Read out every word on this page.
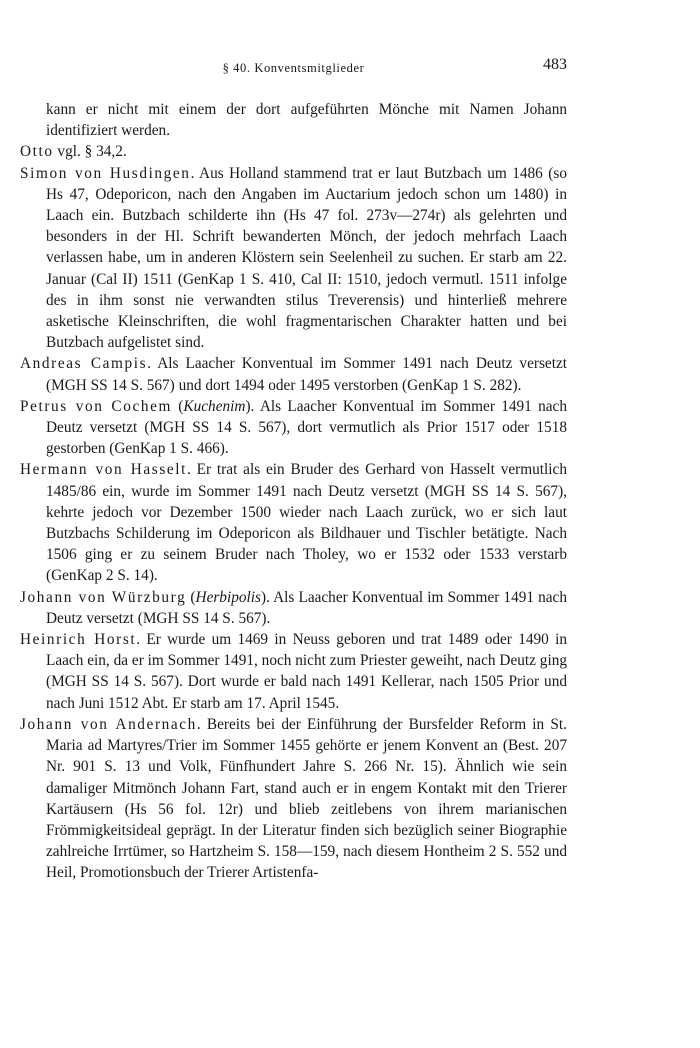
§ 40. Konventsmitglieder	483

kann er nicht mit einem der dort aufgeführten Mönche mit Namen Johann identifiziert werden.

Otto vgl. § 34,2.

Simon von Husdingen. Aus Holland stammend trat er laut Butzbach um 1486 (so Hs 47, Odeporicon, nach den Angaben im Auctarium jedoch schon um 1480) in Laach ein. Butzbach schilderte ihn (Hs 47 fol. 273v—274r) als gelehrten und besonders in der Hl. Schrift bewanderten Mönch, der jedoch mehrfach Laach verlassen habe, um in anderen Klöstern sein Seelenheil zu suchen. Er starb am 22. Januar (Cal II) 1511 (GenKap 1 S. 410, Cal II: 1510, jedoch vermutl. 1511 infolge des in ihm sonst nie verwandten stilus Treverensis) und hinterließ mehrere asketische Kleinschriften, die wohl fragmentarischen Charakter hatten und bei Butzbach aufgelistet sind.

Andreas Campis. Als Laacher Konventual im Sommer 1491 nach Deutz versetzt (MGH SS 14 S. 567) und dort 1494 oder 1495 verstorben (GenKap 1 S. 282).

Petrus von Cochem (Kuchenim). Als Laacher Konventual im Sommer 1491 nach Deutz versetzt (MGH SS 14 S. 567), dort vermutlich als Prior 1517 oder 1518 gestorben (GenKap 1 S. 466).

Hermann von Hasselt. Er trat als ein Bruder des Gerhard von Hasselt vermutlich 1485/86 ein, wurde im Sommer 1491 nach Deutz versetzt (MGH SS 14 S. 567), kehrte jedoch vor Dezember 1500 wieder nach Laach zurück, wo er sich laut Butzbachs Schilderung im Odeporicon als Bildhauer und Tischler betätigte. Nach 1506 ging er zu seinem Bruder nach Tholey, wo er 1532 oder 1533 verstarb (GenKap 2 S. 14).

Johann von Würzburg (Herbipolis). Als Laacher Konventual im Sommer 1491 nach Deutz versetzt (MGH SS 14 S. 567).

Heinrich Horst. Er wurde um 1469 in Neuss geboren und trat 1489 oder 1490 in Laach ein, da er im Sommer 1491, noch nicht zum Priester geweiht, nach Deutz ging (MGH SS 14 S. 567). Dort wurde er bald nach 1491 Kellerar, nach 1505 Prior und nach Juni 1512 Abt. Er starb am 17. April 1545.

Johann von Andernach. Bereits bei der Einführung der Bursfelder Reform in St. Maria ad Martyres/Trier im Sommer 1455 gehörte er jenem Konvent an (Best. 207 Nr. 901 S. 13 und Volk, Fünfhundert Jahre S. 266 Nr. 15). Ähnlich wie sein damaliger Mitmönch Johann Fart, stand auch er in engem Kontakt mit den Trierer Kartäusern (Hs 56 fol. 12r) und blieb zeitlebens von ihrem marianischen Frömmigkeitsideal geprägt. In der Literatur finden sich bezüglich seiner Biographie zahlreiche Irrtümer, so Hartzheim S. 158—159, nach diesem Hontheim 2 S. 552 und Heil, Promotionsbuch der Trierer Artistenfa-
